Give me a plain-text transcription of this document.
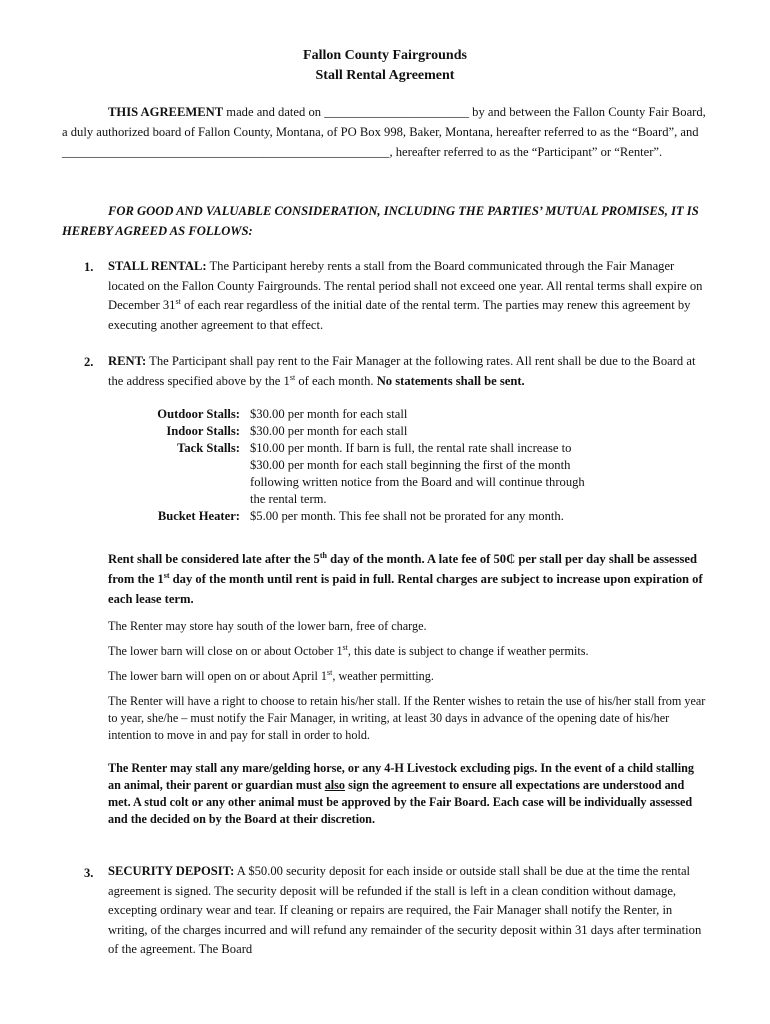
Fallon County Fairgrounds
Stall Rental Agreement
THIS AGREEMENT made and dated on _______________________ by and between the Fallon County Fair Board, a duly authorized board of Fallon County, Montana, of PO Box 998, Baker, Montana, hereafter referred to as the “Board”, and ____________________________________________________, hereafter referred to as the “Participant” or “Renter”.
FOR GOOD AND VALUABLE CONSIDERATION, INCLUDING THE PARTIES’ MUTUAL PROMISES, IT IS HEREBY AGREED AS FOLLOWS:
1. STALL RENTAL: The Participant hereby rents a stall from the Board communicated through the Fair Manager located on the Fallon County Fairgrounds. The rental period shall not exceed one year. All rental terms shall expire on December 31st of each rear regardless of the initial date of the rental term. The parties may renew this agreement by executing another agreement to that effect.
2. RENT: The Participant shall pay rent to the Fair Manager at the following rates. All rent shall be due to the Board at the address specified above by the 1st of each month. No statements shall be sent.
Outdoor Stalls: $30.00 per month for each stall
Indoor Stalls: $30.00 per month for each stall
Tack Stalls: $10.00 per month. If barn is full, the rental rate shall increase to $30.00 per month for each stall beginning the first of the month following written notice from the Board and will continue through the rental term.
Bucket Heater: $5.00 per month. This fee shall not be prorated for any month.
Rent shall be considered late after the 5th day of the month. A late fee of 50₵ per stall per day shall be assessed from the 1st day of the month until rent is paid in full. Rental charges are subject to increase upon expiration of each lease term.
The Renter may store hay south of the lower barn, free of charge.
The lower barn will close on or about October 1st, this date is subject to change if weather permits.
The lower barn will open on or about April 1st, weather permitting.
The Renter will have a right to choose to retain his/her stall. If the Renter wishes to retain the use of his/her stall from year to year, she/he – must notify the Fair Manager, in writing, at least 30 days in advance of the opening date of his/her intention to move in and pay for stall in order to hold.
The Renter may stall any mare/gelding horse, or any 4-H Livestock excluding pigs. In the event of a child stalling an animal, their parent or guardian must also sign the agreement to ensure all expectations are understood and met. A stud colt or any other animal must be approved by the Fair Board. Each case will be individually assessed and the decided on by the Board at their discretion.
3. SECURITY DEPOSIT: A $50.00 security deposit for each inside or outside stall shall be due at the time the rental agreement is signed. The security deposit will be refunded if the stall is left in a clean condition without damage, excepting ordinary wear and tear. If cleaning or repairs are required, the Fair Manager shall notify the Renter, in writing, of the charges incurred and will refund any remainder of the security deposit within 31 days after termination of the agreement. The Board
